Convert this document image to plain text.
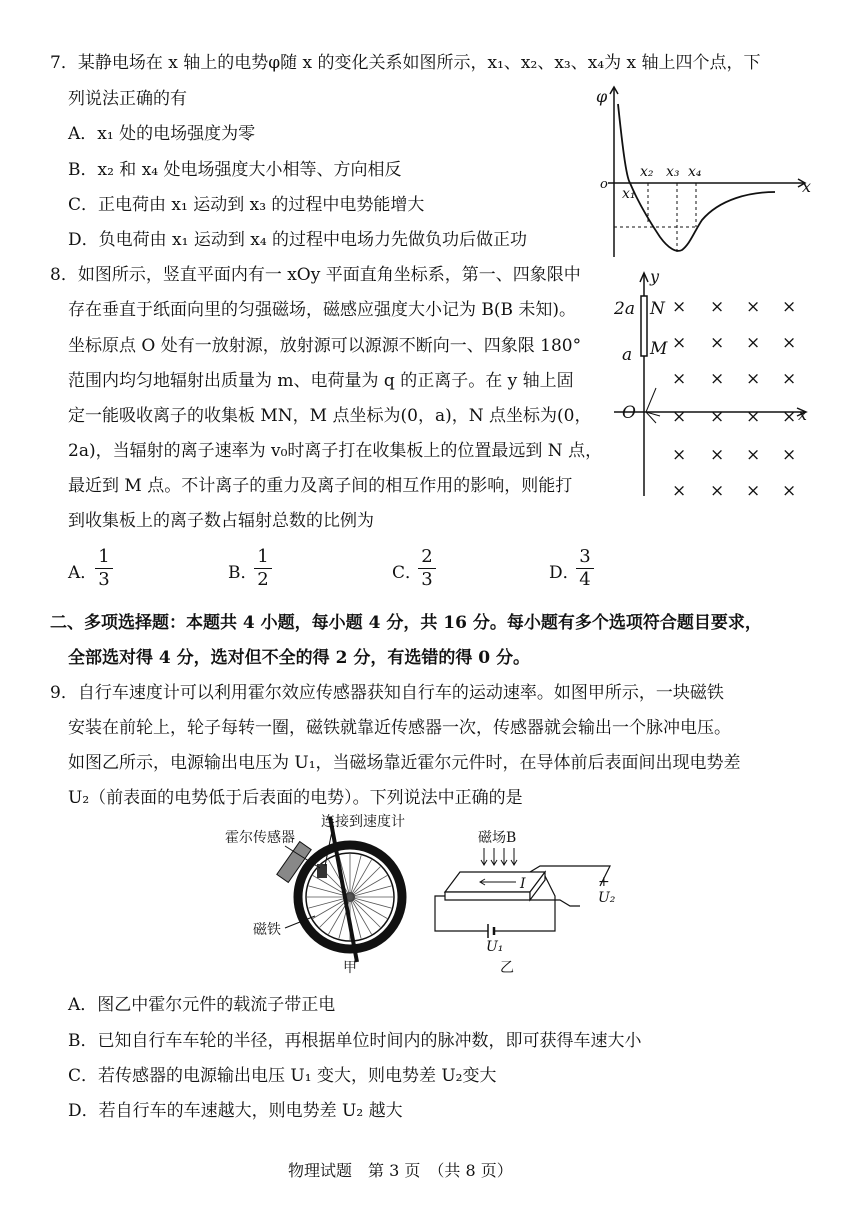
7．某静电场在 x 轴上的电势φ随 x 的变化关系如图所示，x₁、x₂、x₃、x₄为 x 轴上四个点，下
列说法正确的有
A．x₁ 处的电场强度为零
B．x₂ 和 x₄ 处电场强度大小相等、方向相反
C．正电荷由 x₁ 运动到 x₃ 的过程中电势能增大
D．负电荷由 x₁ 运动到 x₄ 的过程中电场力先做负功后做正功
φ
o	x
x₁
x₂ x₃ x₄
8．如图所示，竖直平面内有一 xOy 平面直角坐标系，第一、四象限中
存在垂直于纸面向里的匀强磁场，磁感应强度大小记为 B(B 未知)。
坐标原点 O 处有一放射源，放射源可以源源不断向一、四象限 180°
范围内均匀地辐射出质量为 m、电荷量为 q 的正离子。在 y 轴上固
定一能吸收离子的收集板 MN，M 点坐标为(0，a)，N 点坐标为(0，
2a)，当辐射的离子速率为 v₀时离子打在收集板上的位置最远到 N 点，
最近到 M 点。不计离子的重力及离子间的相互作用的影响，则能打
到收集板上的离子数占辐射总数的比例为
A．
1
3	B．
1
2	C．
2
3	D．
3
4
2a
a
N
M
O
y
x
× × × ×
× × × ×
× × × ×
× × × ×
× × × ×
× × × ×
二、多项选择题：本题共 4 小题，每小题 4 分，共 16 分。每小题有多个选项符合题目要求，
全部选对得 4 分，选对但不全的得 2 分，有选错的得 0 分。
9．自行车速度计可以利用霍尔效应传感器获知自行车的运动速率。如图甲所示，一块磁铁
安装在前轮上，轮子每转一圈，磁铁就靠近传感器一次，传感器就会输出一个脉冲电压。
如图乙所示，电源输出电压为 U₁，当磁场靠近霍尔元件时，在导体前后表面间出现电势差
U₂（前表面的电势低于后表面的电势）。下列说法中正确的是
霍尔传感器
连接到速度计
磁铁
甲
磁场B
I	+
U₂
U₁
乙
A．图乙中霍尔元件的载流子带正电
B．已知自行车车轮的半径，再根据单位时间内的脉冲数，即可获得车速大小
C．若传感器的电源输出电压 U₁ 变大，则电势差 U₂变大
D．若自行车的车速越大，则电势差 U₂ 越大
物理试题　第 3 页　（共 8 页）
